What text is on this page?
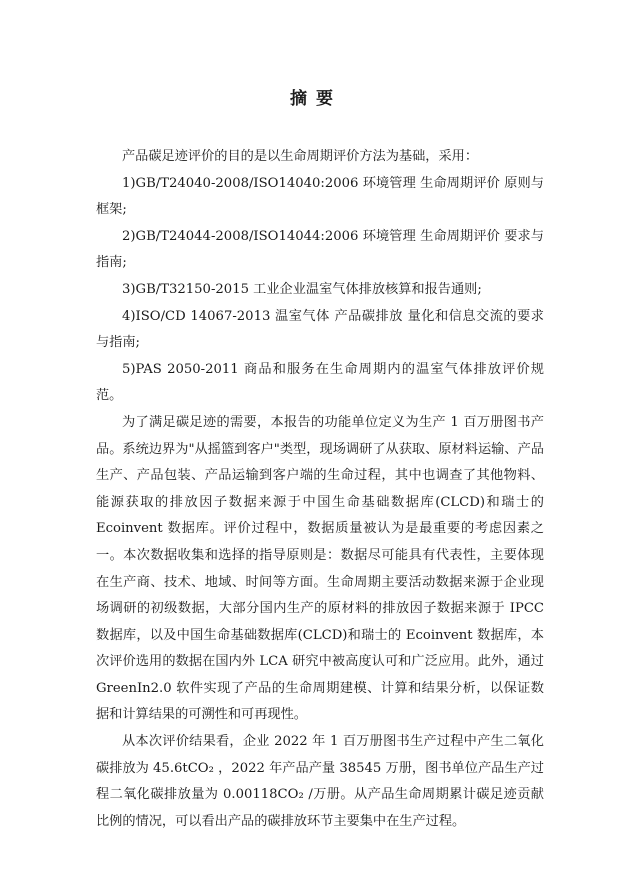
摘要

产品碳足迹评价的目的是以生命周期评价方法为基础，采用：

1)GB/T24040-2008/ISO14040:2006 环境管理 生命周期评价 原则与框架;

2)GB/T24044-2008/ISO14044:2006 环境管理 生命周期评价 要求与指南;

3)GB/T32150-2015 工业企业温室气体排放核算和报告通则;

4)ISO/CD 14067-2013 温室气体 产品碳排放 量化和信息交流的要求与指南;

5)PAS 2050-2011 商品和服务在生命周期内的温室气体排放评价规范。

为了满足碳足迹的需要，本报告的功能单位定义为生产 1 百万册图书产品。系统边界为"从摇篮到客户"类型，现场调研了从获取、原材料运输、产品生产、产品包装、产品运输到客户端的生命过程，其中也调查了其他物料、能源获取的排放因子数据来源于中国生命基础数据库(CLCD)和瑞士的 Ecoinvent 数据库。评价过程中，数据质量被认为是最重要的考虑因素之一。本次数据收集和选择的指导原则是：数据尽可能具有代表性，主要体现在生产商、技术、地域、时间等方面。生命周期主要活动数据来源于企业现场调研的初级数据，大部分国内生产的原材料的排放因子数据来源于 IPCC 数据库，以及中国生命基础数据库(CLCD)和瑞士的 Ecoinvent 数据库，本次评价选用的数据在国内外 LCA 研究中被高度认可和广泛应用。此外，通过 GreenIn2.0 软件实现了产品的生命周期建模、计算和结果分析，以保证数据和计算结果的可溯性和可再现性。

从本次评价结果看，企业 2022 年 1 百万册图书生产过程中产生二氧化碳排放为 45.6tCO₂ ，2022 年产品产量 38545 万册，图书单位产品生产过程二氧化碳排放量为 0.00118CO₂ /万册。从产品生命周期累计碳足迹贡献比例的情况，可以看出产品的碳排放环节主要集中在生产过程。
